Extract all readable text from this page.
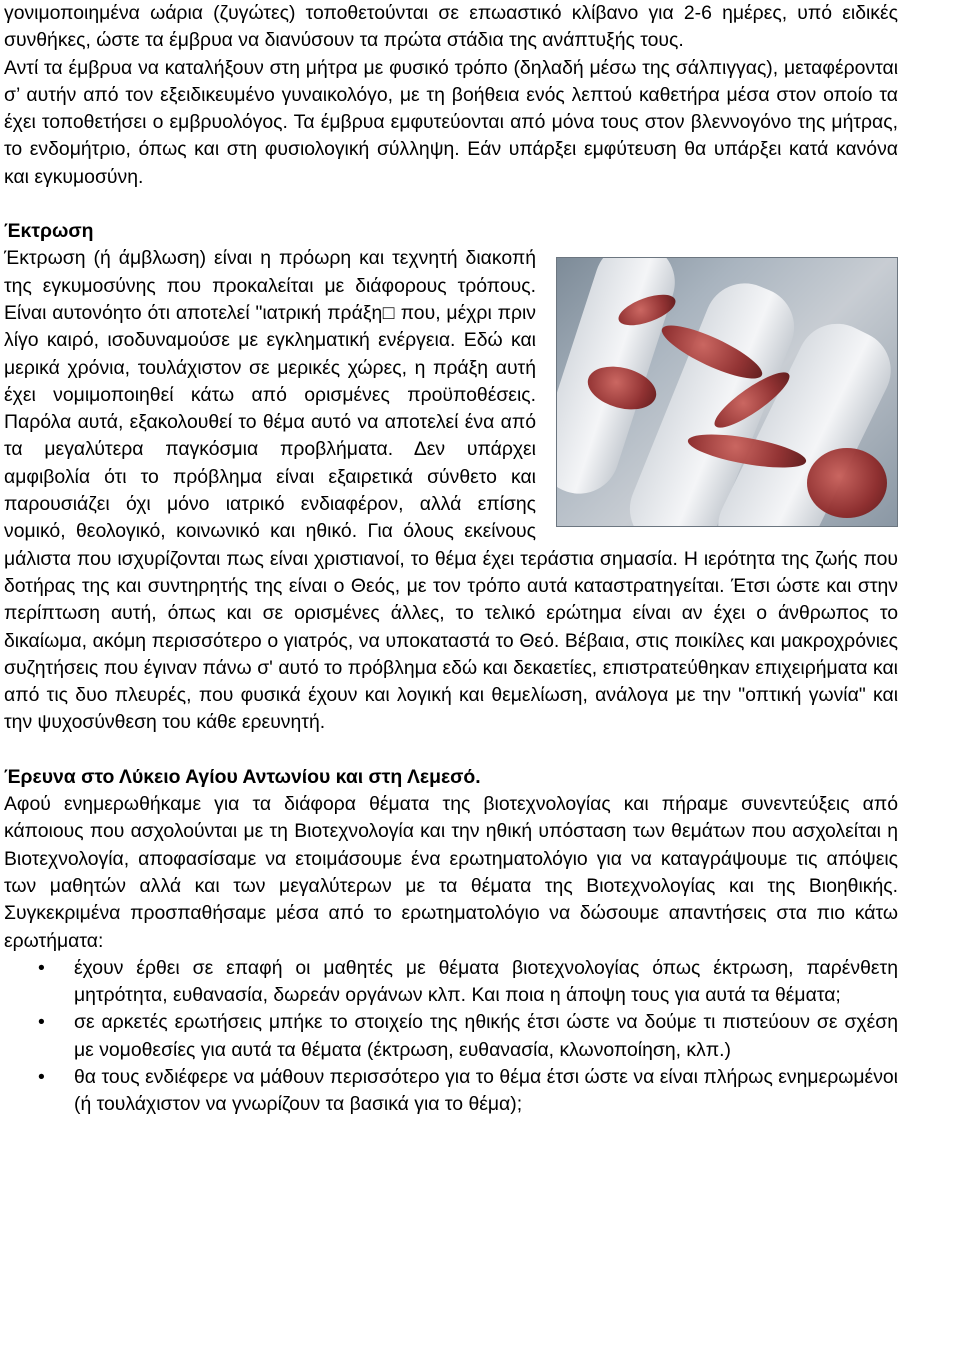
γονιμοποιημένα ωάρια (ζυγώτες) τοποθετούνται σε επωαστικό κλίβανο για 2-6 ημέρες, υπό ειδικές συνθήκες, ώστε τα έμβρυα να διανύσουν τα πρώτα στάδια της ανάπτυξής τους.

Αντί τα έμβρυα να καταλήξουν στη μήτρα με φυσικό τρόπο (δηλαδή μέσω της σάλπιγγας), μεταφέρονται σ’ αυτήν από τον εξειδικευμένο γυναικολόγο, με τη βοήθεια ενός λεπτού καθετήρα μέσα στον οποίο τα έχει τοποθετήσει ο εμβρυολόγος. Τα έμβρυα εμφυτεύονται από μόνα τους στον βλεννογόνο της μήτρας, το ενδομήτριο, όπως και στη φυσιολογική σύλληψη. Εάν υπάρξει εμφύτευση θα υπάρξει κατά κανόνα και εγκυμοσύνη.

Έκτρωση

Έκτρωση (ή άμβλωση) είναι η πρόωρη και τεχνητή διακοπή της εγκυμοσύνης που προκαλείται με διάφορους τρόπους. Είναι αυτονόητο ότι αποτελεί "ιατρική πράξη□ που, μέχρι πριν λίγο καιρό, ισοδυναμούσε με εγκληματική ενέργεια. Εδώ και μερικά χρόνια, τουλάχιστον σε μερικές χώρες, η πράξη αυτή έχει νομιμοποιηθεί κάτω από ορισμένες προϋποθέσεις. Παρόλα αυτά, εξακολουθεί το θέμα αυτό να αποτελεί ένα από τα μεγαλύτερα παγκόσμια προβλήματα. Δεν υπάρχει αμφιβολία ότι το πρόβλημα είναι εξαιρετικά σύνθετο και παρουσιάζει όχι μόνο ιατρικό ενδιαφέρον, αλλά επίσης νομικό, θεολογικό, κοινωνικό και ηθικό. Για όλους εκείνους μάλιστα που ισχυρίζονται πως είναι χριστιανοί, το θέμα έχει τεράστια σημασία. Η ιερότητα της ζωής που δοτήρας της και συντηρητής της είναι ο Θεός, με τον τρόπο αυτά καταστρατηγείται. Έτσι ώστε και στην περίπτωση αυτή, όπως και σε ορισμένες άλλες, το τελικό ερώτημα είναι αν έχει ο άνθρωπος το δικαίωμα, ακόμη περισσότερο ο γιατρός, να υποκαταστά το Θεό. Βέβαια, στις ποικίλες και μακροχρόνιες συζητήσεις που έγιναν πάνω σ' αυτό το πρόβλημα εδώ και δεκαετίες, επιστρατεύθηκαν επιχειρήματα και από τις δυο πλευρές, που φυσικά έχουν και λογική και θεμελίωση, ανάλογα με την "οπτική γωνία" και την ψυχοσύνθεση του κάθε ερευνητή.

Έρευνα στο Λύκειο Αγίου Αντωνίου και στη Λεμεσό.

Αφού ενημερωθήκαμε για τα διάφορα θέματα της βιοτεχνολογίας και πήραμε συνεντεύξεις από κάποιους που ασχολούνται με τη Βιοτεχνολογία και την ηθική υπόσταση των θεμάτων που ασχολείται η Βιοτεχνολογία, αποφασίσαμε να ετοιμάσουμε ένα ερωτηματολόγιο για να καταγράψουμε τις απόψεις των μαθητών αλλά και των μεγαλύτερων με τα θέματα της Βιοτεχνολογίας και της Βιοηθικής. Συγκεκριμένα προσπαθήσαμε μέσα από το ερωτηματολόγιο να δώσουμε απαντήσεις στα πιο κάτω ερωτήματα:

• έχουν έρθει σε επαφή οι μαθητές με θέματα βιοτεχνολογίας όπως έκτρωση, παρένθετη μητρότητα, ευθανασία, δωρεάν οργάνων κλπ. Και ποια η άποψη τους για αυτά τα θέματα;
• σε αρκετές ερωτήσεις μπήκε το στοιχείο της ηθικής έτσι ώστε να δούμε τι πιστεύουν σε σχέση με νομοθεσίες για αυτά τα θέματα (έκτρωση, ευθανασία, κλωνοποίηση, κλπ.)
• θα τους ενδιέφερε να μάθουν περισσότερο για το θέμα έτσι ώστε να είναι πλήρως ενημερωμένοι (ή τουλάχιστον να γνωρίζουν τα βασικά για το θέμα);
